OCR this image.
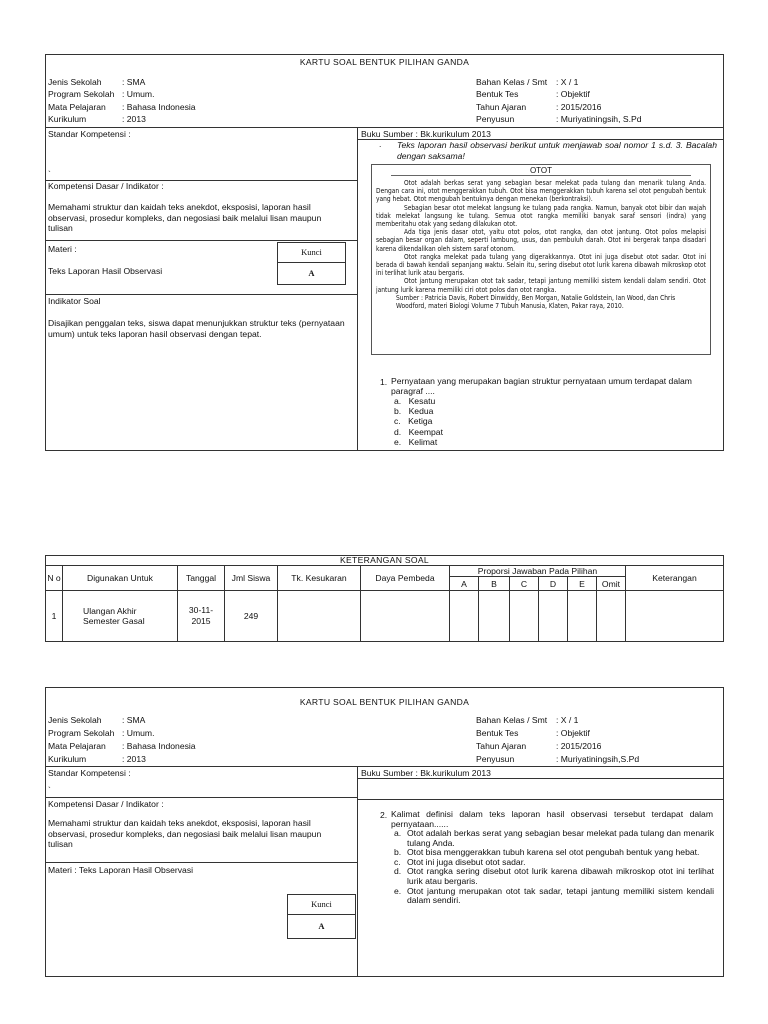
KARTU SOAL BENTUK PILIHAN GANDA
Jenis Sekolah : SMA
Program Sekolah : Umum.
Mata Pelajaran : Bahasa Indonesia
Kurikulum	: 2013
Bahan Kelas / Smt : X / 1
Bentuk Tes	: Objektif
Tahun Ajaran	: 2015/2016
Penyusun	: Muriyatiningsih, S.Pd
Standar Kompetensi :
`
Kompetensi Dasar / Indikator :
Memahami struktur dan kaidah teks anekdot, eksposisi, laporan hasil observasi, prosedur kompleks, dan negosiasi baik melalui lisan maupun tulisan
Materi :
Teks Laporan Hasil Observasi
Kunci
A
Indikator Soal
Disajikan penggalan teks, siswa dapat menunjukkan struktur teks (pernyataan umum) untuk teks laporan hasil observasi dengan tepat.
Buku Sumber : Bk.kurikulum 2013
. Teks laporan hasil observasi berikut untuk menjawab soal nomor 1 s.d. 3. Bacalah dengan saksama!
OTOT
Otot adalah berkas serat yang sebagian besar melekat pada tulang dan menarik tulang Anda. Dengan cara ini, otot menggerakkan tubuh. Otot bisa menggerakkan tubuh karena sel otot pengubah bentuk yang hebat. Otot mengubah bentuknya dengan menekan (berkontraksi).
Sebagian besar otot melekat langsung ke tulang pada rangka. Namun, banyak otot bibir dan wajah tidak melekat langsung ke tulang. Semua otot rangka memiliki banyak saraf sensori (indra) yang memberitahu otak yang sedang dilakukan otot.
Ada tiga jenis dasar otot, yaitu otot polos, otot rangka, dan otot jantung. Otot polos melapisi sebagian besar organ dalam, seperti lambung, usus, dan pembuluh darah. Otot ini bergerak tanpa disadari karena dikendalikan oleh sistem saraf otonom.
Otot rangka melekat pada tulang yang digerakkannya. Otot ini juga disebut otot sadar. Otot ini berada di bawah kendali sepanjang waktu. Selain itu, sering disebut otot lurik karena dibawah mikroskop otot ini terlihat lurik atau bergaris.
Otot jantung merupakan otot tak sadar, tetapi jantung memiliki sistem kendali dalam sendiri. Otot jantung lurik karena memiliki ciri otot polos dan otot rangka.
Sumber : Patricia Davis, Robert Dinwiddy, Ben Morgan, Natalie Goldstein, Ian Wood, dan Chris Woodford, materi Biologi Volume 7 Tubuh Manusia, Klaten, Pakar raya, 2010.
1. Pernyataan yang merupakan bagian struktur pernyataan umum terdapat dalam paragraf ....
a. Kesatu
b. Kedua
c. Ketiga
d. Keempat
e. Kelimat
KETERANGAN SOAL												
N o	Digunakan Untuk	Tanggal	Jml Siswa	Tk. Kesukaran	Daya Pembeda	Proporsi Jawaban Pada Pilihan						Keterangan
						A	B	C	D	E	Omit	
1	Ulangan Akhir Semester Gasal	30-11-2015	249									
KARTU SOAL BENTUK PILIHAN GANDA
Jenis Sekolah : SMA
Program Sekolah : Umum.
Mata Pelajaran : Bahasa Indonesia
Kurikulum	: 2013
Bahan Kelas / Smt : X / 1
Bentuk Tes	: Objektif
Tahun Ajaran	: 2015/2016
Penyusun	: Muriyatiningsih,S.Pd
Standar Kompetensi :	Buku Sumber : Bk.kurikulum 2013
`
Kompetensi Dasar / Indikator :
Memahami struktur dan kaidah teks anekdot, eksposisi, laporan hasil observasi, prosedur kompleks, dan negosiasi baik melalui lisan maupun tulisan
Materi : Teks Laporan Hasil Observasi
Kunci
A
2. Kalimat definisi dalam teks laporan hasil observasi tersebut terdapat dalam pernyataan......
a. Otot adalah berkas serat yang sebagian besar melekat pada tulang dan menarik tulang Anda.
b. Otot bisa menggerakkan tubuh karena sel otot pengubah bentuk yang hebat.
c. Otot ini juga disebut otot sadar.
d. Otot rangka sering disebut otot lurik karena dibawah mikroskop otot ini terlihat lurik atau bergaris.
e. Otot jantung merupakan otot tak sadar, tetapi jantung memiliki sistem kendali dalam sendiri.
